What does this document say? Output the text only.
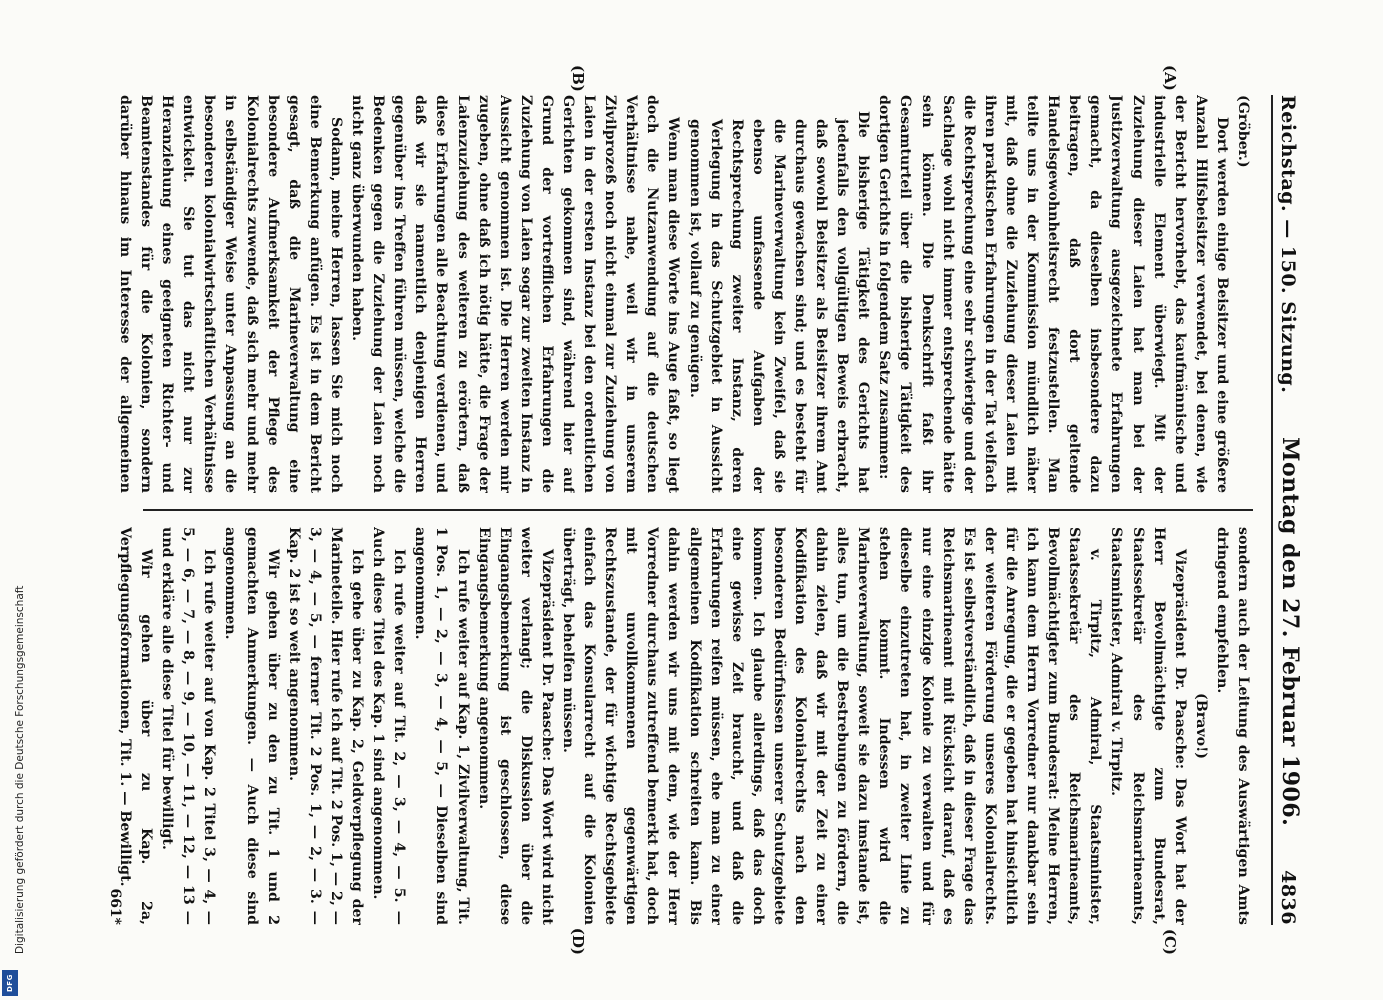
Reichstag. — 150. Sitzung.
Montag den 27. Februar 1906.
4836
(A)
(B)
(C)
(D)

(Gröber.)

Dort werden einige Beisitzer und eine größere Anzahl Hilfsbeisitzer verwendet, bei denen, wie der Bericht hervorhebt, das kaufmännische und industrielle Element überwiegt. Mit der Zuziehung dieser Laien hat man bei der Justizverwaltung ausgezeichnete Erfahrungen gemacht, da dieselben insbesondere dazu beitragen, daß dort geltende Handelsgewohnheitsrecht festzustellen. Man teilte uns in der Kommission mündlich näher mit, daß ohne die Zuziehung dieser Laien mit ihren praktischen Erfahrungen in der Tat vielfach die Rechtsprechung eine sehr schwierige und der Sachlage wohl nicht immer entsprechende hätte sein können. Die Denkschrift faßt ihr Gesamturteil über die bisherige Tätigkeit des dortigen Gerichts in folgendem Satz zusammen:

Die bisherige Tätigkeit des Gerichts hat jedenfalls den vollgültigen Beweis erbracht, daß sowohl Beisitzer als Beisitzer ihrem Amt durchaus gewachsen sind; und es besteht für die Marineverwaltung kein Zweifel, daß sie ebenso umfassende Aufgaben der Rechtsprechung zweiter Instanz, deren Verlegung in das Schutzgebiet in Aussicht genommen ist, vollauf zu genügen.

Wenn man diese Worte ins Auge faßt, so liegt doch die Nutzanwendung auf die deutschen Verhältnisse nahe, weil wir in unserem Zivilprozeß noch nicht einmal zur Zuziehung von Laien in der ersten Instanz bei den ordentlichen Gerichten gekommen sind, während hier auf Grund der vortrefflichen Erfahrungen die Zuziehung von Laien sogar zur zweiten Instanz in Aussicht genommen ist. Die Herren werden mir zugeben, ohne daß ich nötig hätte, die Frage der Laienzuziehung des weiteren zu erörtern, daß diese Erfahrungen alle Beachtung verdienen, und daß wir sie namentlich denjenigen Herren gegenüber ins Treffen führen müssen, welche die Bedenken gegen die Zuziehung der Laien noch nicht ganz überwunden haben.

Sodann, meine Herren, lassen Sie mich noch eine Bemerkung anfügen. Es ist in dem Bericht gesagt, daß die Marineverwaltung eine besondere Aufmerksamkeit der Pflege des Kolonialrechts zuwende, daß sich mehr und mehr in selbständiger Weise unter Anpassung an die besonderen kolonialwirtschaftlichen Verhältnisse entwickelt. Sie tut das nicht nur zur Heranziehung eines geeigneten Richter- und Beamtenstandes für die Kolonien, sondern darüber hinaus im Interesse der allgemeinen

sondern auch der Leitung des Auswärtigen Amts dringend empfehlen.

(Bravo!)

Vizepräsident Dr. Paasche: Das Wort hat der Herr Bevollmächtigte zum Bundesrat, Staatssekretär des Reichsmarineamts, Staatsminister, Admiral v. Tirpitz.

v. Tirpitz, Admiral, Staatsminister, Staatssekretär des Reichsmarineamts, Bevollmächtigter zum Bundesrat: Meine Herren, ich kann dem Herrn Vorredner nur dankbar sein für die Anregung, die er gegeben hat hinsichtlich der weiteren Förderung unseres Kolonialrechts. Es ist selbstverständlich, daß in dieser Frage das Reichsmarineamt mit Rücksicht darauf, daß es nur eine einzige Kolonie zu verwalten und für dieselbe einzutreten hat, in zweiter Linie zu stehen kommt. Indessen wird die Marineverwaltung, soweit sie dazu imstande ist, alles tun, um die Bestrebungen zu fördern, die dahin zielen, daß wir mit der Zeit zu einer Kodifikation des Kolonialrechts nach den besonderen Bedürfnissen unserer Schutzgebiete kommen. Ich glaube allerdings, daß das doch eine gewisse Zeit braucht, und daß die Erfahrungen reifen müssen, ehe man zu einer allgemeinen Kodifikation schreiten kann. Bis dahin werden wir uns mit dem, wie der Herr Vorredner durchaus zutreffend bemerkt hat, doch mit unvollkommenen gegenwärtigen Rechtszustande, der für wichtige Rechtsgebiete einfach das Konsularrecht auf die Kolonien überträgt, behelfen müssen.

Vizepräsident Dr. Paasche: Das Wort wird nicht weiter verlangt; die Diskussion über die Eingangsbemerkung ist geschlossen, diese Eingangsbemerkung angenommen.

Ich rufe weiter auf Kap. 1, Zivilverwaltung, Tit. 1 Pos. 1, — 2, — 3, — 4, — 5, — Dieselben sind angenommen.

Ich rufe weiter auf Tit. 2, — 3, — 4, — 5. — Auch diese Titel des Kap. 1 sind angenommen.

Ich gehe über zu Kap. 2, Geldverpflegung der Marineteile. Hier rufe ich auf Tit. 2 Pos. 1, — 2, — 3, — 4, — 5, — ferner Tit. 2 Pos. 1, — 2, — 3. — Kap. 2 ist so weit angenommen.

Wir gehen über zu den zu Tit. 1 und 2 gemachten Anmerkungen. — Auch diese sind angenommen.

Ich rufe weiter auf von Kap. 2 Titel 3, — 4, — 5, — 6, — 7, — 8, — 9, — 10, — 11, — 12, — 13 — und erkläre alle diese Titel für bewilligt.

Wir gehen über zu Kap. 2a, Verpflegungsformationen, Tit. 1. — Bewilligt.

661*
Digitalisierung gefördert durch die Deutsche Forschungsgemeinschaft
DFG
